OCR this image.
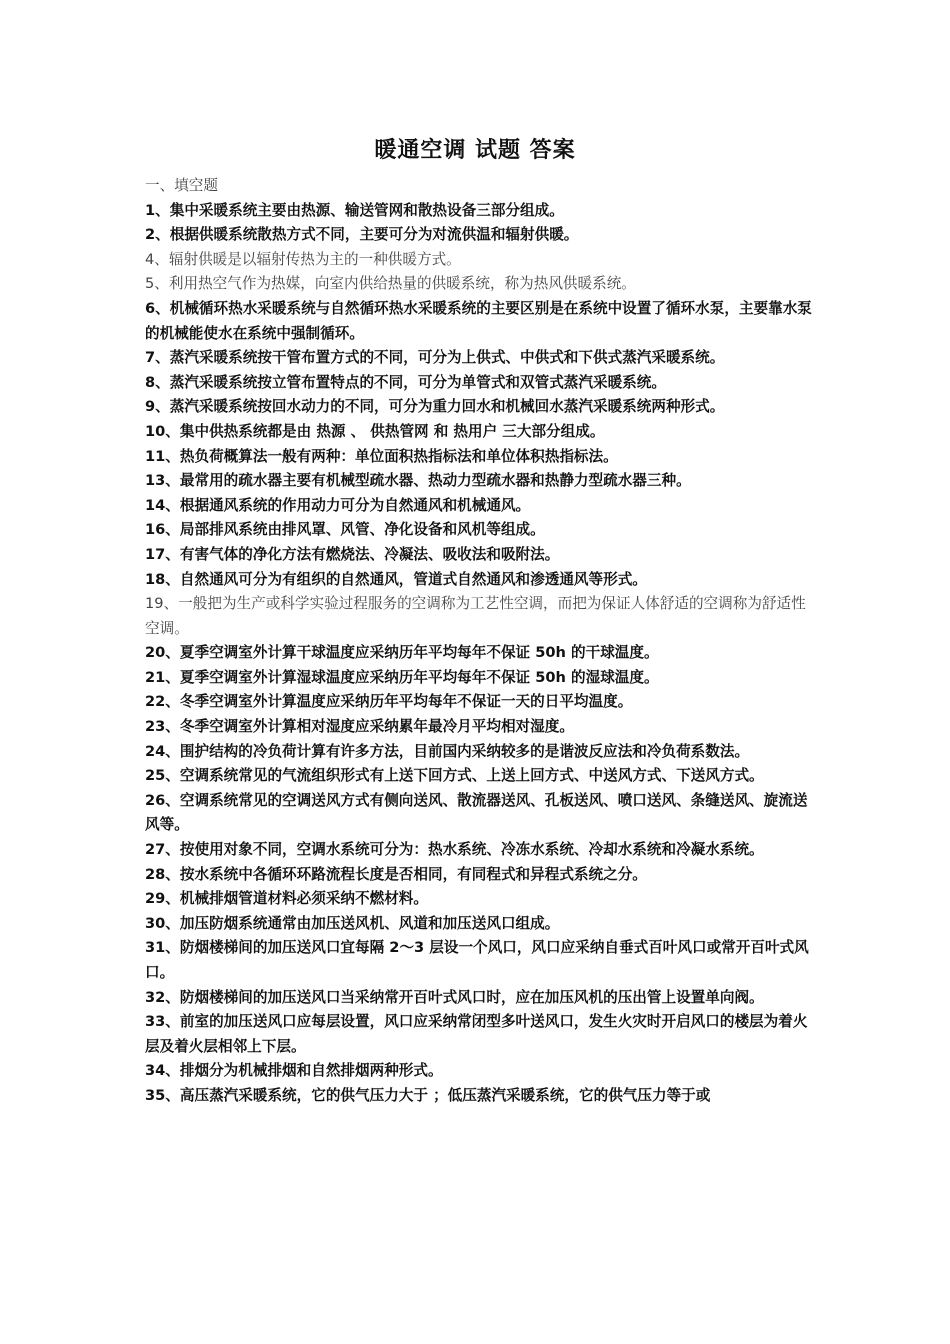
暖通空调 试题 答案

一、填空题

1、集中采暖系统主要由热源、输送管网和散热设备三部分组成。

2、根据供暖系统散热方式不同，主要可分为对流供温和辐射供暖。

4、辐射供暖是以辐射传热为主的一种供暖方式。

5、利用热空气作为热媒，向室内供给热量的供暖系统，称为热风供暖系统。

6、机械循环热水采暖系统与自然循环热水采暖系统的主要区别是在系统中设置了循环水泵，主要靠水泵的机械能使水在系统中强制循环。

7、蒸汽采暖系统按干管布置方式的不同，可分为上供式、中供式和下供式蒸汽采暖系统。

8、蒸汽采暖系统按立管布置特点的不同，可分为单管式和双管式蒸汽采暖系统。

9、蒸汽采暖系统按回水动力的不同，可分为重力回水和机械回水蒸汽采暖系统两种形式。

10、集中供热系统都是由 热源 、 供热管网 和 热用户 三大部分组成。

11、热负荷概算法一般有两种：单位面积热指标法和单位体积热指标法。

13、最常用的疏水器主要有机械型疏水器、热动力型疏水器和热静力型疏水器三种。

14、根据通风系统的作用动力可分为自然通风和机械通风。

16、局部排风系统由排风罩、风管、净化设备和风机等组成。

17、有害气体的净化方法有燃烧法、冷凝法、吸收法和吸附法。

18、自然通风可分为有组织的自然通风，管道式自然通风和渗透通风等形式。

19、一般把为生产或科学实验过程服务的空调称为工艺性空调，而把为保证人体舒适的空调称为舒适性空调。

20、夏季空调室外计算干球温度应采纳历年平均每年不保证 50h 的干球温度。

21、夏季空调室外计算湿球温度应采纳历年平均每年不保证 50h 的湿球温度。

22、冬季空调室外计算温度应采纳历年平均每年不保证一天的日平均温度。

23、冬季空调室外计算相对湿度应采纳累年最冷月平均相对湿度。

24、围护结构的冷负荷计算有许多方法，目前国内采纳较多的是谐波反应法和冷负荷系数法。

25、空调系统常见的气流组织形式有上送下回方式、上送上回方式、中送风方式、下送风方式。

26、空调系统常见的空调送风方式有侧向送风、散流器送风、孔板送风、喷口送风、条缝送风、旋流送风等。

27、按使用对象不同，空调水系统可分为：热水系统、冷冻水系统、冷却水系统和冷凝水系统。

28、按水系统中各循环环路流程长度是否相同，有同程式和异程式系统之分。

29、机械排烟管道材料必须采纳不燃材料。

30、加压防烟系统通常由加压送风机、风道和加压送风口组成。

31、防烟楼梯间的加压送风口宜每隔 2～3 层设一个风口，风口应采纳自垂式百叶风口或常开百叶式风口。

32、防烟楼梯间的加压送风口当采纳常开百叶式风口时，应在加压风机的压出管上设置单向阀。

33、前室的加压送风口应每层设置，风口应采纳常闭型多叶送风口，发生火灾时开启风口的楼层为着火层及着火层相邻上下层。

34、排烟分为机械排烟和自然排烟两种形式。

35、高压蒸汽采暖系统，它的供气压力大于 ；低压蒸汽采暖系统，它的供气压力等于或
